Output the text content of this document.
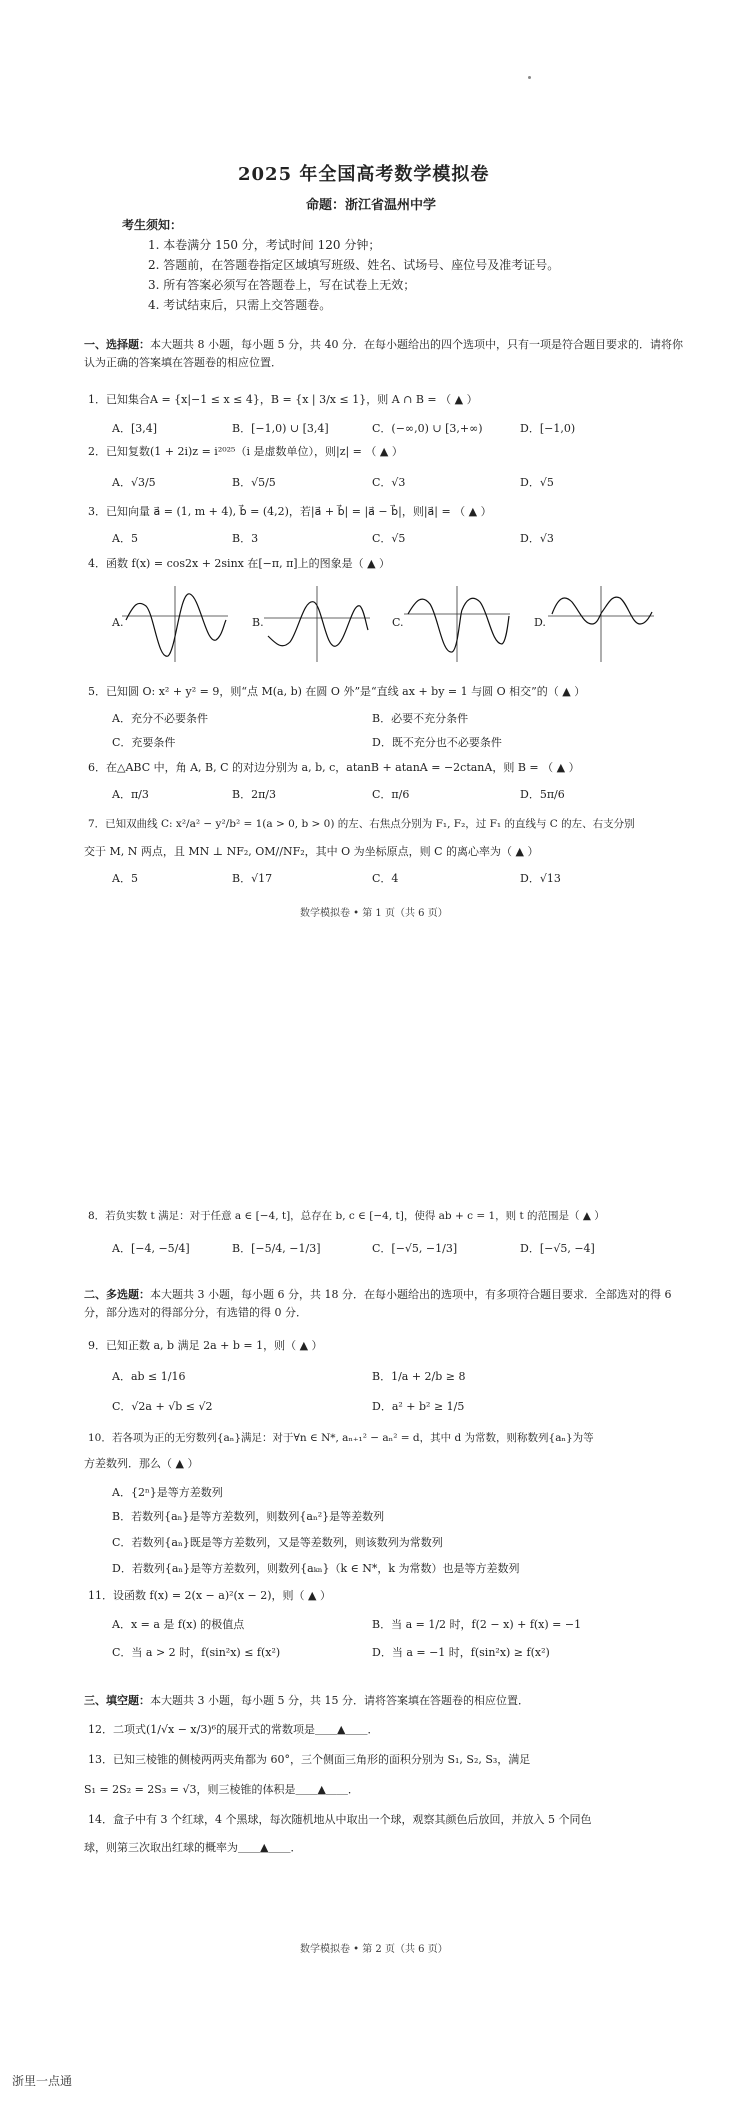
2025 年全国高考数学模拟卷
命题：浙江省温州中学
考生须知：
1. 本卷满分 150 分，考试时间 120 分钟；
2. 答题前，在答题卷指定区域填写班级、姓名、试场号、座位号及准考证号。
3. 所有答案必须写在答题卷上，写在试卷上无效；
4. 考试结束后，只需上交答题卷。
一、选择题：本大题共 8 小题，每小题 5 分，共 40 分．在每小题给出的四个选项中，只有一项是符合题目要求的．请将你认为正确的答案填在答题卷的相应位置．
1．已知集合A = {x|−1 ≤ x ≤ 4}，B = {x | 3/x ≤ 1}，则 A ∩ B = （ ▲ ）
A．[3,4]	B．[−1,0) ∪ [3,4]	C．(−∞,0) ∪ [3,+∞)	D．[−1,0)
2．已知复数(1 + 2i)z = i²⁰²⁵（i 是虚数单位），则|z| = （ ▲ ）
A．√3/5	B．√5/5	C．√3	D．√5
3．已知向量 a⃗ = (1, m + 4), b⃗ = (4,2)，若|a⃗ + b⃗| = |a⃗ − b⃗|，则|a⃗| = （ ▲ ）
A．5	B．3	C．√5	D．√3
4．函数 f(x) = cos2x + 2sinx 在[−π, π]上的图象是（ ▲ ）
A.	B.	C.	D.
5．已知圆 O: x² + y² = 9，则“点 M(a, b) 在圆 O 外”是“直线 ax + by = 1 与圆 O 相交”的（ ▲ ）
A．充分不必要条件	B．必要不充分条件
C．充要条件	D．既不充分也不必要条件
6．在△ABC 中，角 A, B, C 的对边分别为 a, b, c，atanB + atanA = −2ctanA，则 B = （ ▲ ）
A．π/3	B．2π/3	C．π/6	D．5π/6
7．已知双曲线 C: x²/a² − y²/b² = 1(a > 0, b > 0) 的左、右焦点分别为 F₁, F₂，过 F₁ 的直线与 C 的左、右支分别
交于 M, N 两点，且 MN ⊥ NF₂, OM//NF₂，其中 O 为坐标原点，则 C 的离心率为（ ▲ ）
A．5	B．√17	C．4	D．√13
数学模拟卷 • 第 1 页（共 6 页）
8．若负实数 t 满足：对于任意 a ∈ [−4, t]，总存在 b, c ∈ [−4, t]，使得 ab + c = 1，则 t 的范围是（ ▲ ）
A．[−4, −5/4]	B．[−5/4, −1/3]	C．[−√5, −1/3]	D．[−√5, −4]
二、多选题：本大题共 3 小题，每小题 6 分，共 18 分．在每小题给出的选项中，有多项符合题目要求．全部选对的得 6 分，部分选对的得部分分，有选错的得 0 分．
9．已知正数 a, b 满足 2a + b = 1，则（ ▲ ）
A．ab ≤ 1/16	B．1/a + 2/b ≥ 8
C．√2a + √b ≤ √2	D．a² + b² ≥ 1/5
10．若各项为正的无穷数列{aₙ}满足：对于∀n ∈ N*, aₙ₊₁² − aₙ² = d，其中 d 为常数，则称数列{aₙ}为等
方差数列．那么（ ▲ ）
A．{2ⁿ}是等方差数列
B．若数列{aₙ}是等方差数列，则数列{aₙ²}是等差数列
C．若数列{aₙ}既是等方差数列，又是等差数列，则该数列为常数列
D．若数列{aₙ}是等方差数列，则数列{aₖₙ}（k ∈ N*，k 为常数）也是等方差数列
11．设函数 f(x) = 2(x − a)²(x − 2)，则（ ▲ ）
A．x = a 是 f(x) 的极值点	B．当 a = 1/2 时，f(2 − x) + f(x) = −1
C．当 a > 2 时，f(sin²x) ≤ f(x²)	D．当 a = −1 时，f(sin²x) ≥ f(x²)
三、填空题：本大题共 3 小题，每小题 5 分，共 15 分．请将答案填在答题卷的相应位置．
12．二项式(1/√x − x/3)⁶的展开式的常数项是＿＿▲＿＿．
13．已知三棱锥的侧棱两两夹角都为 60°，三个侧面三角形的面积分别为 S₁, S₂, S₃，满足
S₁ = 2S₂ = 2S₃ = √3，则三棱锥的体积是＿＿▲＿＿．
14．盒子中有 3 个红球，4 个黑球，每次随机地从中取出一个球，观察其颜色后放回，并放入 5 个同色
球，则第三次取出红球的概率为＿＿▲＿＿．
数学模拟卷 • 第 2 页（共 6 页）
浙里一点通
